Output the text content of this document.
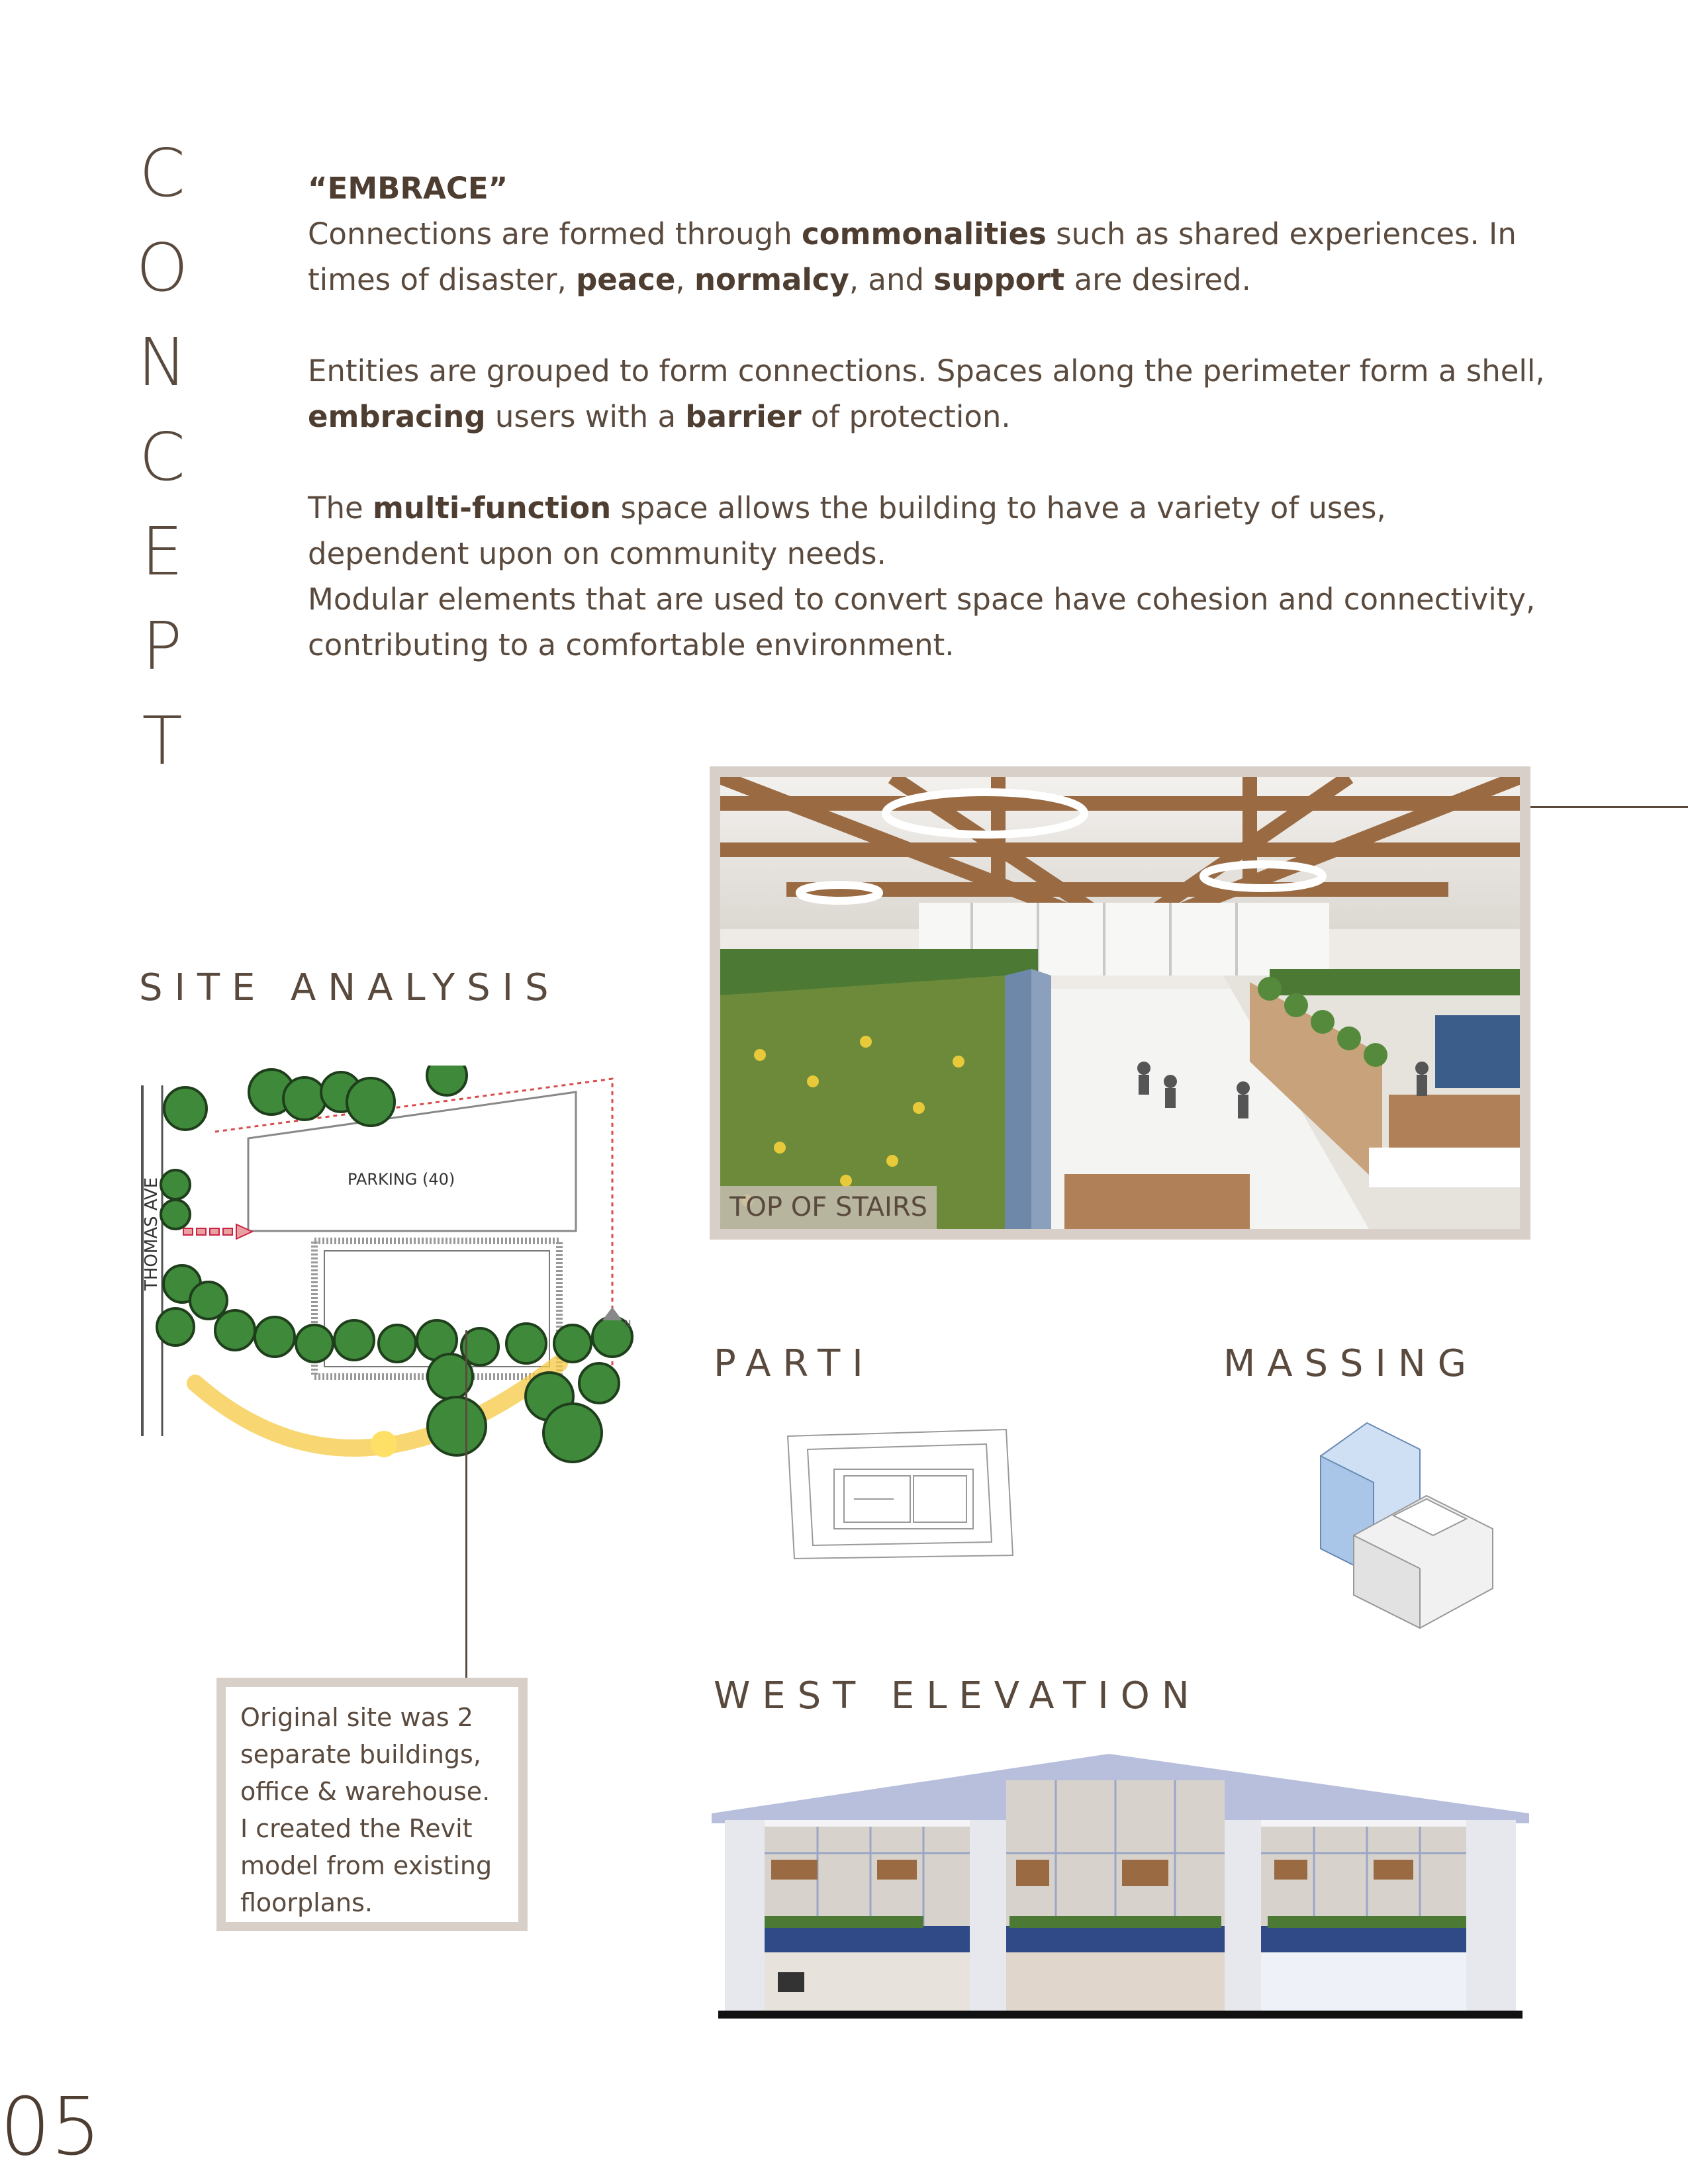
C
O
N
C
E
P
T

“EMBRACE”

Connections are formed through commonalities such as shared experiences. In times of disaster, peace, normalcy, and support are desired.

Entities are grouped to form connections. Spaces along the perimeter form a shell, embracing users with a barrier of protection.

The multi-function space allows the building to have a variety of uses, dependent upon on community needs.

Modular elements that are used to convert space have cohesion and connectivity, contributing to a comfortable environment.

TOP OF STAIRS
SITE ANALYSIS
PARTI	MASSING
WEST ELEVATION
N
PARKING (40)
THOMAS AVE
Original site was 2
separate buildings,
office & warehouse.
I created the Revit
model from existing
floorplans.
05
